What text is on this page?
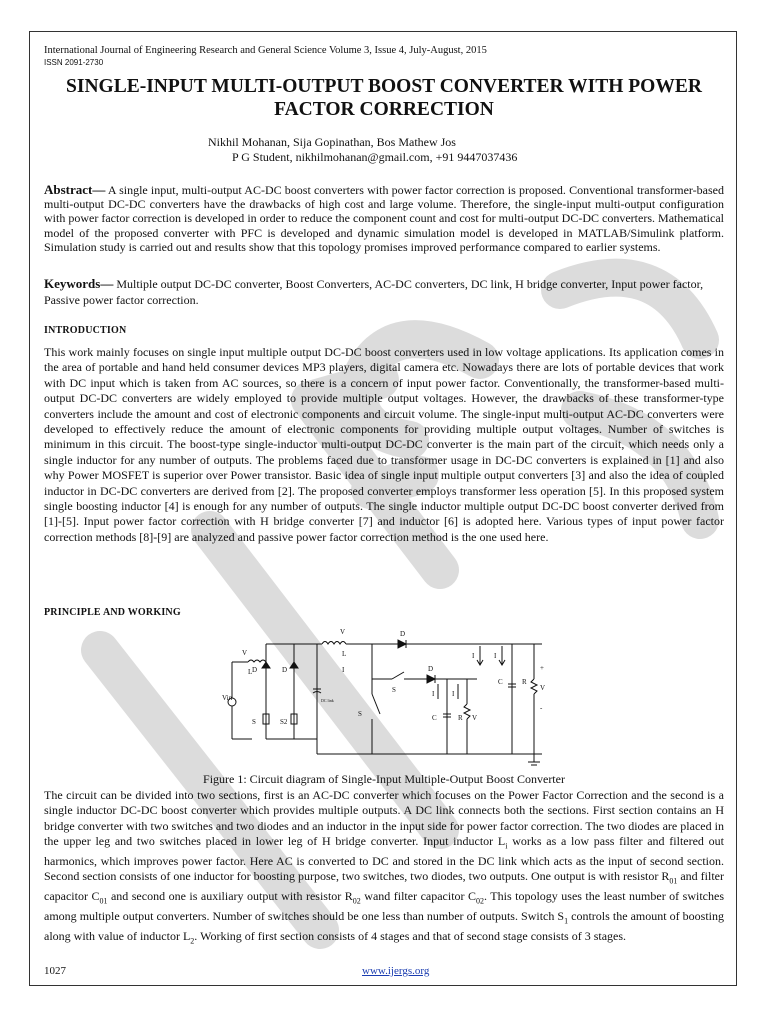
International Journal of Engineering Research and General Science Volume 3, Issue 4, July-August, 2015
ISSN 2091-2730
SINGLE-INPUT MULTI-OUTPUT BOOST CONVERTER WITH POWER
FACTOR CORRECTION
Nikhil Mohanan, Sija Gopinathan, Bos Mathew Jos
P G Student, nikhilmohanan@gmail.com, +91 9447037436
Abstract— A single input, multi-output AC-DC boost converters with power factor correction is proposed. Conventional transformer-based multi-output DC-DC converters have the drawbacks of high cost and large volume. Therefore, the single-input multi-output configuration with power factor correction is developed in order to reduce the component count and cost for multi-output DC-DC converters. Mathematical model of the proposed converter with PFC is developed and dynamic simulation model is developed in MATLAB/Simulink platform. Simulation study is carried out and results show that this topology promises improved performance compared to earlier systems.
Keywords— Multiple output DC-DC converter, Boost Converters, AC-DC converters, DC link, H bridge converter, Input power factor, Passive power factor correction.
INTRODUCTION
This work mainly focuses on single input multiple output DC-DC boost converters used in low voltage applications. Its application comes in the area of portable and hand held consumer devices MP3 players, digital camera etc. Nowadays there are lots of portable devices that work with DC input which is taken from AC sources, so there is a concern of input power factor. Conventionally, the transformer-based multi-output DC-DC converters are widely employed to provide multiple output voltages. However, the drawbacks of these transformer-type converters include the amount and cost of electronic components and circuit volume. The single-input multi-output AC-DC converters were developed to effectively reduce the amount of electronic components for providing multiple output voltages. Number of switches is minimum in this circuit. The boost-type single-inductor multi-output DC-DC converter is the main part of the circuit, which needs only a single inductor for any number of outputs. The problems faced due to transformer usage in DC-DC converters is explained in [1] and also why Power MOSFET is superior over Power transistor. Basic idea of single input multiple output converters [3] and also the idea of coupled inductor in DC-DC converters are derived from [2]. The proposed converter employs transformer less operation [5]. In this proposed system single boosting inductor [4] is enough for any number of outputs. The single inductor multiple output DC-DC boost converter derived from [1]-[5]. Input power factor correction with H bridge converter [7] and inductor [6] is adopted here. Various types of input power factor correction methods [8]-[9] are analyzed and passive power factor correction method is the one used here.
PRINCIPLE AND WORKING
Vin
D	D
S	S2
V
L
DC link
V
L
I
D
D
S
S
I	I
C	R
V
I	I
C	R V
+
-
Figure 1: Circuit diagram of Single-Input Multiple-Output Boost Converter
The circuit can be divided into two sections, first is an AC-DC converter which focuses on the Power Factor Correction and the second is a single inductor DC-DC boost converter which provides multiple outputs. A DC link connects both the sections. First section contains an H bridge converter with two switches and two diodes and an inductor in the input side for power factor correction. The two diodes are placed in the upper leg and two switches placed in lower leg of H bridge converter. Input inductor $L_i$ works as a low pass filter and filtered out harmonics, which improves power factor. Here AC is converted to DC and stored in the DC link which acts as the input of second section. Second section consists of one inductor for boosting purpose, two switches, two diodes, two outputs. One output is with resistor $R_{01}$ and filter capacitor $C_{01}$ and second one is auxiliary output with resistor $R_{02}$ wand filter capacitor $C_{02}$. This topology uses the least number of switches among multiple output converters. Number of switches should be one less than number of outputs. Switch $S_1$ controls the amount of boosting along with value of inductor $L_2$. Working of first section consists of 4 stages and that of second stage consists of 3 stages.
1027	www.ijergs.org
